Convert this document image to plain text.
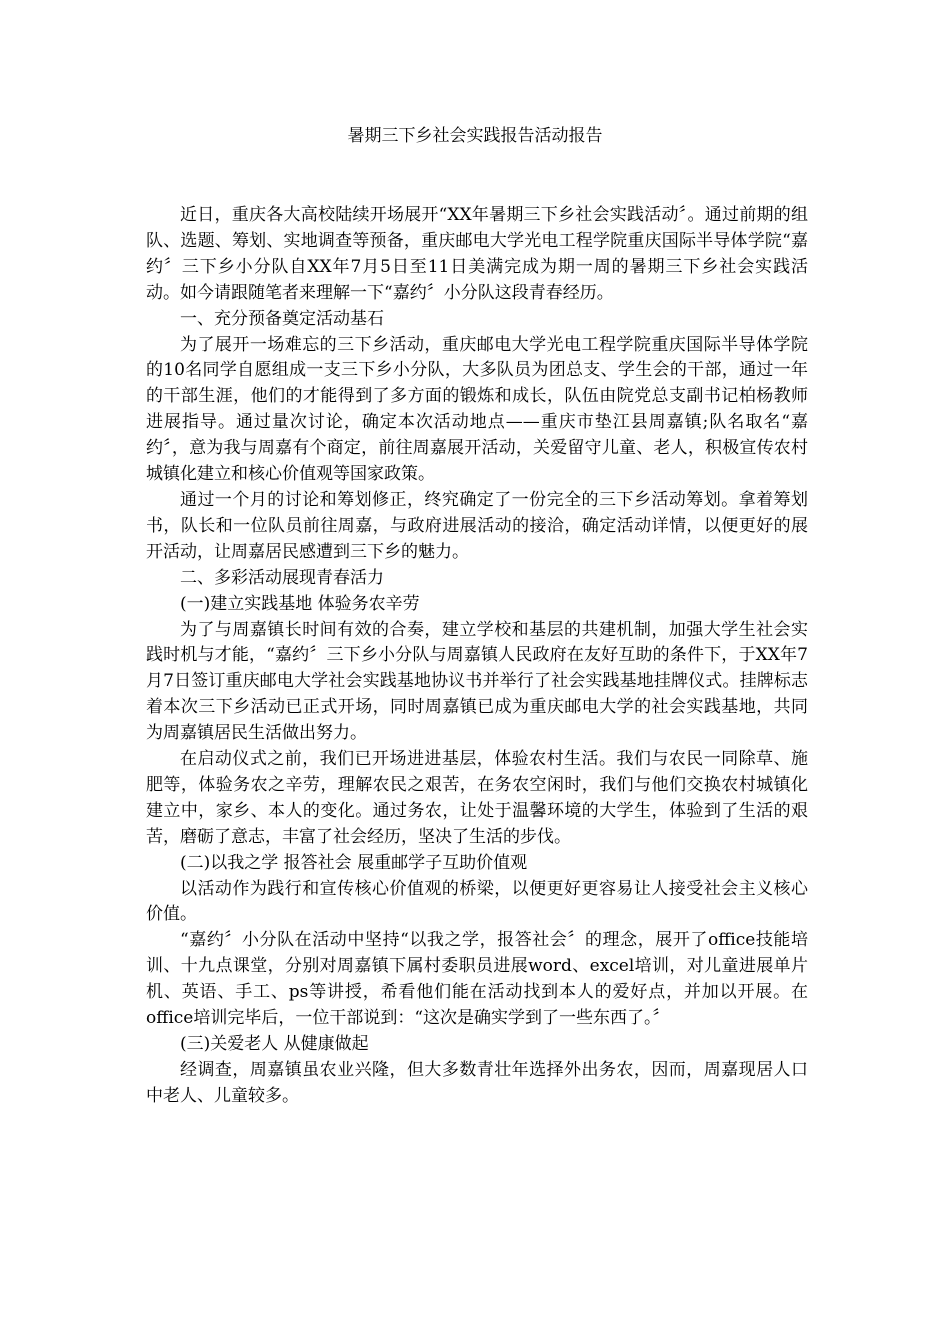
暑期三下乡社会实践报告活动报告

近日，重庆各大高校陆续开场展开“XX年暑期三下乡社会实践活动〞。通过前期的组队、选题、筹划、实地调查等预备，重庆邮电大学光电工程学院重庆国际半导体学院“嘉约〞三下乡小分队自XX年7月5日至11日美满完成为期一周的暑期三下乡社会实践活动。如今请跟随笔者来理解一下“嘉约〞小分队这段青春经历。

一、充分预备奠定活动基石

为了展开一场难忘的三下乡活动，重庆邮电大学光电工程学院重庆国际半导体学院的10名同学自愿组成一支三下乡小分队，大多队员为团总支、学生会的干部，通过一年的干部生涯，他们的才能得到了多方面的锻炼和成长，队伍由院党总支副书记柏杨教师进展指导。通过量次讨论，确定本次活动地点——重庆市垫江县周嘉镇;队名取名“嘉约〞，意为我与周嘉有个商定，前往周嘉展开活动，关爱留守儿童、老人，积极宣传农村城镇化建立和核心价值观等国家政策。

通过一个月的讨论和筹划修正，终究确定了一份完全的三下乡活动筹划。拿着筹划书，队长和一位队员前往周嘉，与政府进展活动的接洽，确定活动详情，以便更好的展开活动，让周嘉居民感遭到三下乡的魅力。

二、多彩活动展现青春活力

(一)建立实践基地 体验务农辛劳

为了与周嘉镇长时间有效的合奏，建立学校和基层的共建机制，加强大学生社会实践时机与才能，“嘉约〞三下乡小分队与周嘉镇人民政府在友好互助的条件下，于XX年7月7日签订重庆邮电大学社会实践基地协议书并举行了社会实践基地挂牌仪式。挂牌标志着本次三下乡活动已正式开场，同时周嘉镇已成为重庆邮电大学的社会实践基地，共同为周嘉镇居民生活做出努力。

在启动仪式之前，我们已开场进进基层，体验农村生活。我们与农民一同除草、施肥等，体验务农之辛劳，理解农民之艰苦，在务农空闲时，我们与他们交换农村城镇化建立中，家乡、本人的变化。通过务农，让处于温馨环境的大学生，体验到了生活的艰苦，磨砺了意志，丰富了社会经历，坚决了生活的步伐。

(二)以我之学 报答社会 展重邮学子互助价值观

以活动作为践行和宣传核心价值观的桥梁，以便更好更容易让人接受社会主义核心价值。

“嘉约〞小分队在活动中坚持“以我之学，报答社会〞的理念，展开了office技能培训、十九点课堂，分别对周嘉镇下属村委职员进展word、excel培训，对儿童进展单片机、英语、手工、ps等讲授，希看他们能在活动找到本人的爱好点，并加以开展。在office培训完毕后，一位干部说到：“这次是确实学到了一些东西了。〞

(三)关爱老人 从健康做起

经调查，周嘉镇虽农业兴隆，但大多数青壮年选择外出务农，因而，周嘉现居人口中老人、儿童较多。
